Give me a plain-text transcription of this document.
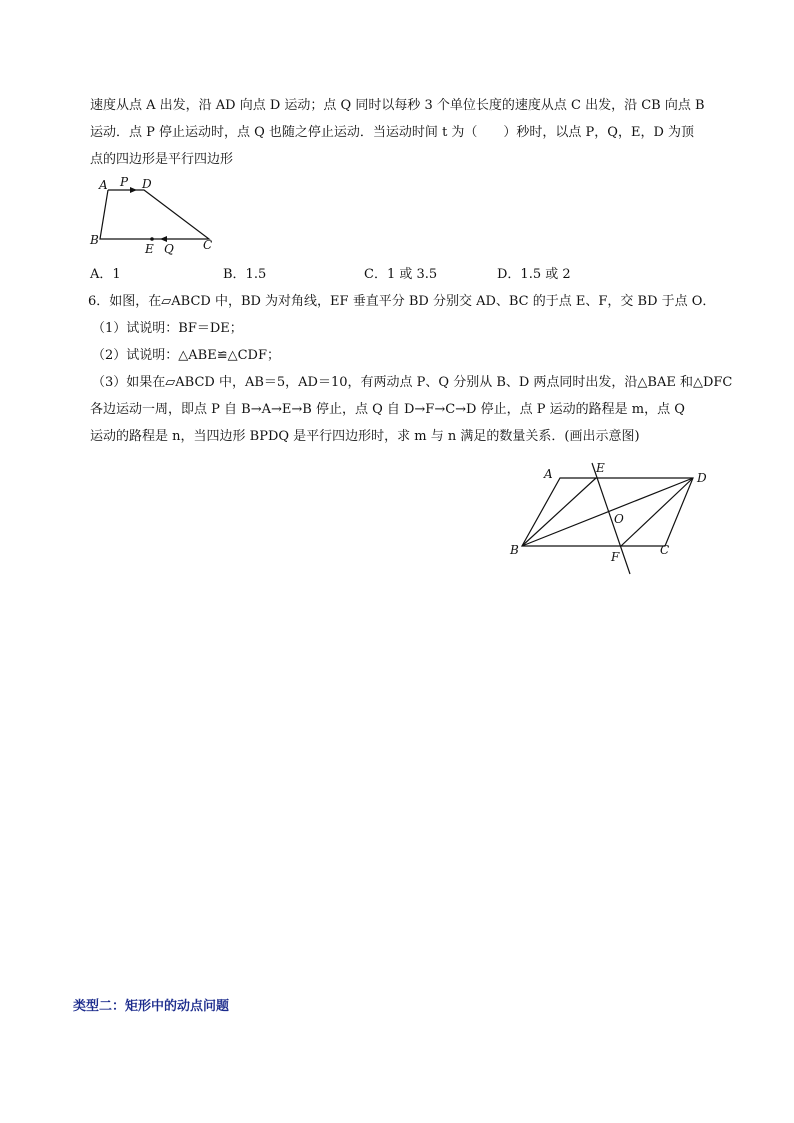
速度从点 A 出发，沿 AD 向点 D 运动；点 Q 同时以每秒 3 个单位长度的速度从点 C 出发，沿 CB 向点 B
运动．点 P 停止运动时，点 Q 也随之停止运动．当运动时间 t 为（　　）秒时，以点 P，Q，E，D 为顶
点的四边形是平行四边形
A P D
B
E Q C
A．1	B．1.5	C．1 或 3.5	D．1.5 或 2
6．如图，在▱ABCD 中，BD 为对角线，EF 垂直平分 BD 分别交 AD、BC 的于点 E、F，交 BD 于点 O．
（1）试说明：BF＝DE；
（2）试说明：△ABE≌△CDF；
（3）如果在▱ABCD 中，AB＝5，AD＝10，有两动点 P、Q 分别从 B、D 两点同时出发，沿△BAE 和△DFC
各边运动一周，即点 P 自 B→A→E→B 停止，点 Q 自 D→F→C→D 停止，点 P 运动的路程是 m，点 Q
运动的路程是 n，当四边形 BPDQ 是平行四边形时，求 m 与 n 满足的数量关系．(画出示意图)
A	E
D
O
B	F	C
类型二：矩形中的动点问题
